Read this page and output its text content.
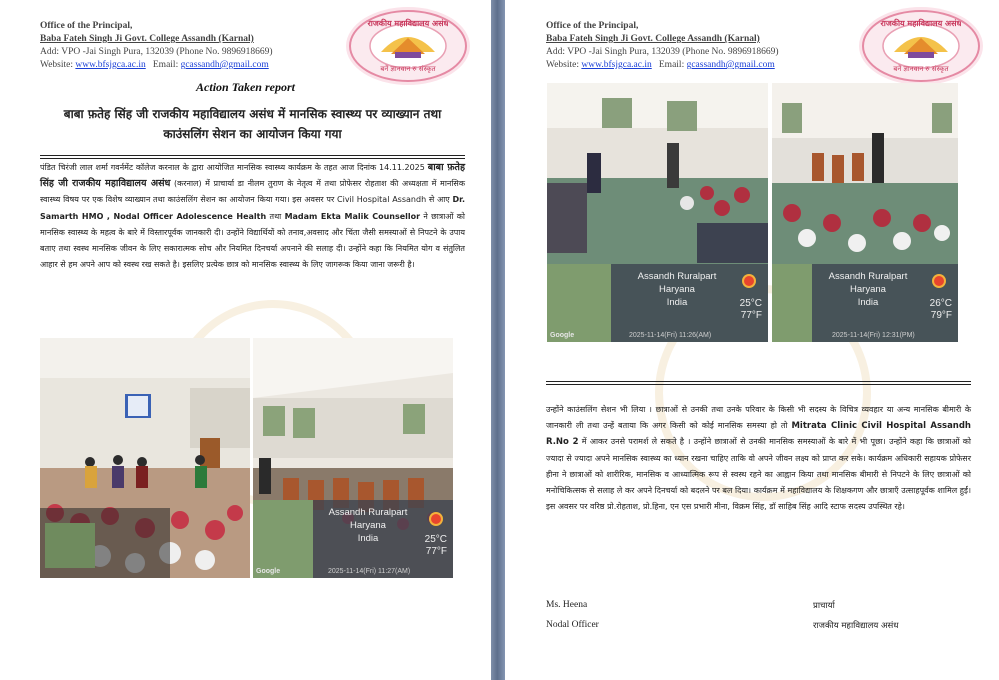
Office of the Principal,
Baba Fateh Singh Ji Govt. College Assandh (Karnal)
Add: VPO -Jai Singh Pura, 132039 (Phone No. 9896918669)
Website: www.bfsjgca.ac.in Email: gcassandh@gmail.com
राजकीय महाविद्यालय असंध
बनें ज्ञानवान रु संस्कृत
Action Taken report
बाबा फ़तेह सिंह जी राजकीय महाविद्यालय असंध में मानसिक स्वास्थ्य पर व्याख्यान तथा काउंसलिंग सेशन का आयोजन किया गया
पंडित चिरंजी लाल शर्मा गवर्नमेंट कॉलेज करनाल के द्वारा आयोजित मानसिक स्वास्थ्य कार्यक्रम के तहत आज दिनांक 14.11.2025 बाबा फ़तेह सिंह जी राजकीय महाविद्यालय असंध (करनाल) में प्राचार्या डा नीलम तुराण के नेतृत्व में तथा प्रोफेसर रोहताश की अध्यक्षता में मानसिक स्वास्थ्य विषय पर एक विशेष व्याख्यान तथा काउंसलिंग सेशन का आयोजन किया गया। इस अवसर पर Civil Hospital Assandh से आए Dr. Samarth HMO , Nodal Officer Adolescence Health तथा Madam Ekta Malik Counsellor ने छात्राओं को मानसिक स्वास्थ्य के महत्व के बारे में विस्तारपूर्वक जानकारी दी। उन्होंने विद्यार्थियों को तनाव,अवसाद और चिंता जैसी समस्याओं से निपटने के उपाय बताए तथा स्वस्थ मानसिक जीवन के लिए सकारात्मक सोच और नियमित दिनचर्या अपनाने की सलाह दी। उन्होंने कहा कि नियमित योग व संतुलित आहार से हम अपने आप को स्वस्थ रख सकते है। इसलिए प्रत्येक छात्र को मानसिक स्वास्थ्य के लिए जागरूक किया जाना जरूरी है।
Assandh Ruralpart
Haryana
India	25°C
77°F
2025-11-14(Fri) 11:27(AM)
Google
Office of the Principal,
Baba Fateh Singh Ji Govt. College Assandh (Karnal)
Add: VPO -Jai Singh Pura, 132039 (Phone No. 9896918669)
Website: www.bfsjgca.ac.in Email: gcassandh@gmail.com
राजकीय महाविद्यालय असंध
बनें ज्ञानवान रु संस्कृत
Assandh Ruralpart
Haryana
India	25°C
77°F
2025-11-14(Fri) 11:26(AM)
Google
Assandh Ruralpart
Haryana
India	26°C
79°F
2025-11-14(Fri) 12:31(PM)
उन्होंने काउंसलिंग सेशन भी लिया । छात्राओं से उनकी तथा उनके परिवार के किसी भी सदस्य के विचित्र व्यवहार या अन्य मानसिक बीमारी के जानकारी ली तथा उन्हें बताया कि अगर किसी को कोई मानसिक समस्या हो तो Mitrata Clinic Civil Hospital Assandh R.No 2 में आकर उनसे परामर्श ले सकते है । उन्होंने छात्राओं से उनकी मानसिक समस्याओं के बारे में भी पूछा। उन्होंने कहा कि छात्राओं को ज्यादा से ज्यादा अपने मानसिक स्वास्थ्य का ध्यान रखना चाहिए ताकि वो अपने जीवन लक्ष्य को प्राप्त कर सके। कार्यक्रम अधिकारी सहायक प्रोफेसर हीना ने छात्राओं को शारीरिक, मानसिक व आध्यात्मिक रूप से स्वस्थ रहने का आह्वान किया तथा मानसिक बीमारी से निपटने के लिए छात्राओं को मनोचिकित्सक से सलाह ले कर अपने दिनचर्या को बदलने पर बल दिया। कार्यक्रम में महाविद्यालय के शिक्षकगण और छात्राएँ उत्साहपूर्वक शामिल हुईं। इस अवसर पर वरिष्ठ प्रो.रोहताश, प्रो.हिना, एन एस प्रभारी मीना, विक्रम सिंह, डॉ साहिब सिंह आदि स्टाफ सदस्य उपस्थित रहे।
Ms. Heena
Nodal Officer
प्राचार्या
राजकीय महाविद्यालय असंध
